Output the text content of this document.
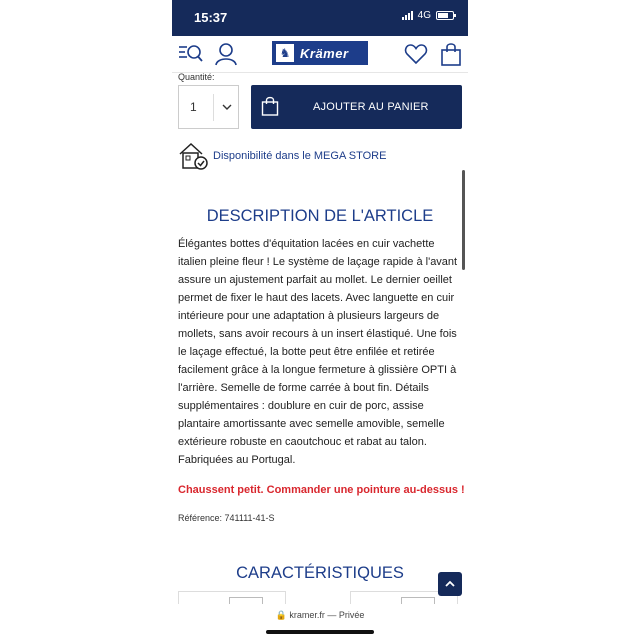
15:37	4G
♞ Krämer
Quantité:
1	AJOUTER AU PANIER
Disponibilité dans le MEGA STORE
DESCRIPTION DE L'ARTICLE

Élégantes bottes d'équitation lacées en cuir vachette italien pleine fleur ! Le système de laçage rapide à l'avant assure un ajustement parfait au mollet. Le dernier oeillet permet de fixer le haut des lacets. Avec languette en cuir intérieure pour une adaptation à plusieurs largeurs de mollets, sans avoir recours à un insert élastiqué. Une fois le laçage effectué, la botte peut être enfilée et retirée facilement grâce à la longue fermeture à glissière OPTI à l'arrière. Semelle de forme carrée à bout fin. Détails supplémentaires : doublure en cuir de porc, assise plantaire amortissante avec semelle amovible, semelle extérieure robuste en caoutchouc et rabat au talon. Fabriquées au Portugal.

Chaussent petit. Commander une pointure au-dessus !
Référence: 741111-41-S
CARACTÉRISTIQUES
🔒 kramer.fr — Privée
